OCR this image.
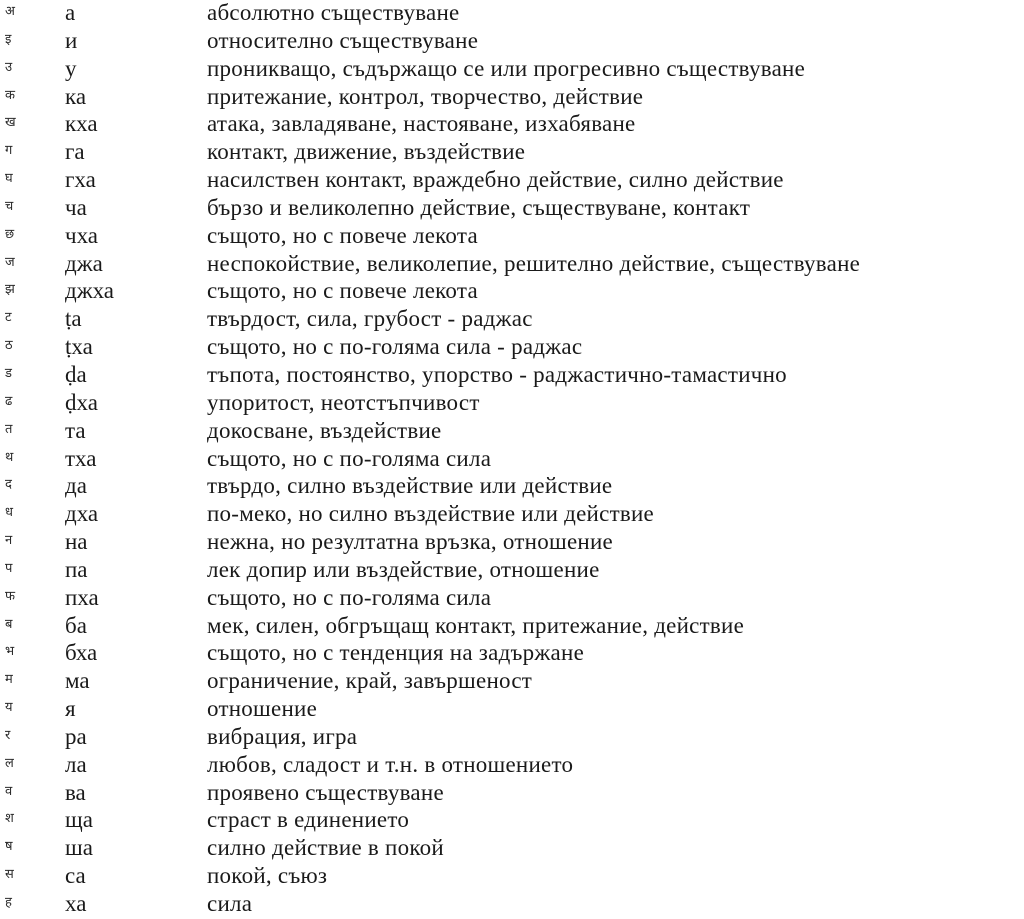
अ а	абсолютно съществуване
इ и	относително съществуване
उ у	проникващо, съдържащо се или прогресивно съществуване
क ка	притежание, контрол, творчество, действие
ख кха	атака, завладяване, настояване, изхабяване
ग га	контакт, движение, въздействие
घ гха	насилствен контакт, враждебно действие, силно действие
च ча	бързо и великолепно действие, съществуване, контакт
छ чха	същото, но с повече лекота
ज джа	неспокойствие, великолепие, решително действие, съществуване
झ джха	същото, но с повече лекота
ट ṭа	твърдост, сила, грубост - раджас
ठ ṭха	същото, но с по-голяма сила - раджас
ड ḍа	тъпота, постоянство, упорство - раджастично-тамастично
ढ ḍха	упоритост, неотстъпчивост
त та	докосване, въздействие
थ тха	същото, но с по-голяма сила
द да	твърдо, силно въздействие или действие
ध дха	по-меко, но силно въздействие или действие
न на	нежна, но резултатна връзка, отношение
प па	лек допир или въздействие, отношение
फ пха	същото, но с по-голяма сила
ब ба	мек, силен, обгръщащ контакт, притежание, действие
भ бха	същото, но с тенденция на задържане
म ма	ограничение, край, завършеност
य я	отношение
र ра	вибрация, игра
ल ла	любов, сладост и т.н. в отношението
व ва	проявено съществуване
श ща	страст в единението
ष ша	силно действие в покой
स са	покой, съюз
ह ха	сила
